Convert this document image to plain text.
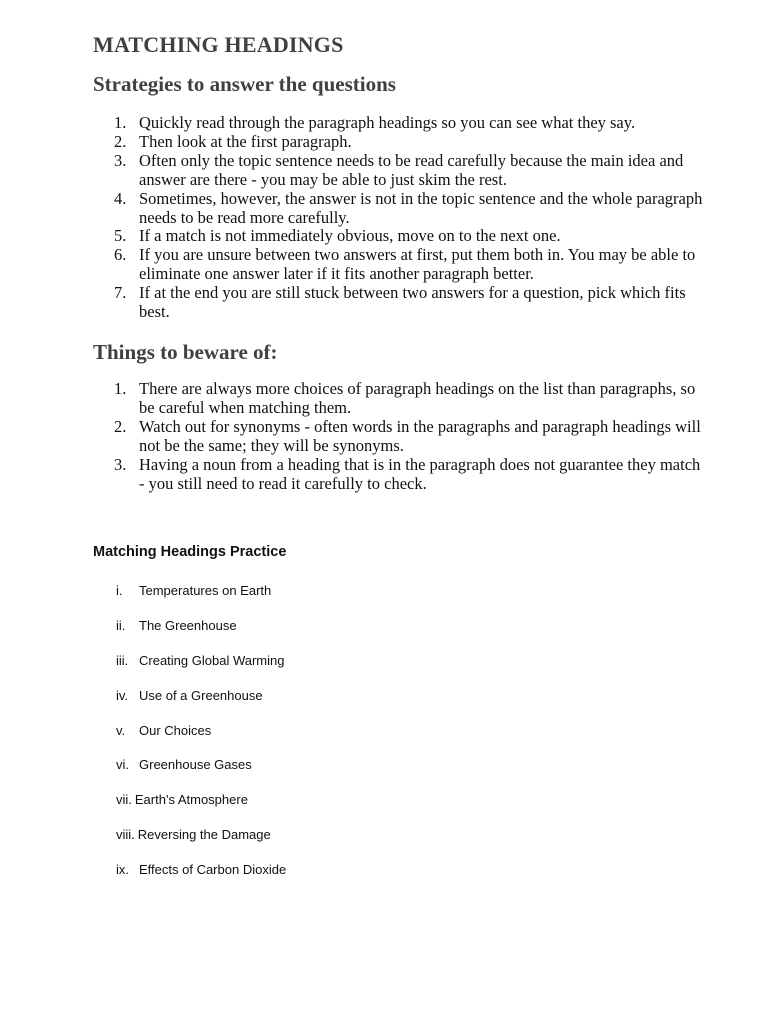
MATCHING HEADINGS
Strategies to answer the questions
1. Quickly read through the paragraph headings so you can see what they say.
2. Then look at the first paragraph.
3. Often only the topic sentence needs to be read carefully because the main idea and answer are there - you may be able to just skim the rest.
4. Sometimes, however, the answer is not in the topic sentence and the whole paragraph needs to be read more carefully.
5. If a match is not immediately obvious, move on to the next one.
6. If you are unsure between two answers at first, put them both in. You may be able to eliminate one answer later if it fits another paragraph better.
7. If at the end you are still stuck between two answers for a question, pick which fits best.
Things to beware of:
1. There are always more choices of paragraph headings on the list than paragraphs, so be careful when matching them.
2. Watch out for synonyms - often words in the paragraphs and paragraph headings will not be the same; they will be synonyms.
3. Having a noun from a heading that is in the paragraph does not guarantee they match - you still need to read it carefully to check.
Matching Headings Practice
i. Temperatures on Earth
ii. The Greenhouse
iii. Creating Global Warming
iv. Use of a Greenhouse
v. Our Choices
vi. Greenhouse Gases
vii. Earth's Atmosphere
viii. Reversing the Damage
ix. Effects of Carbon Dioxide
